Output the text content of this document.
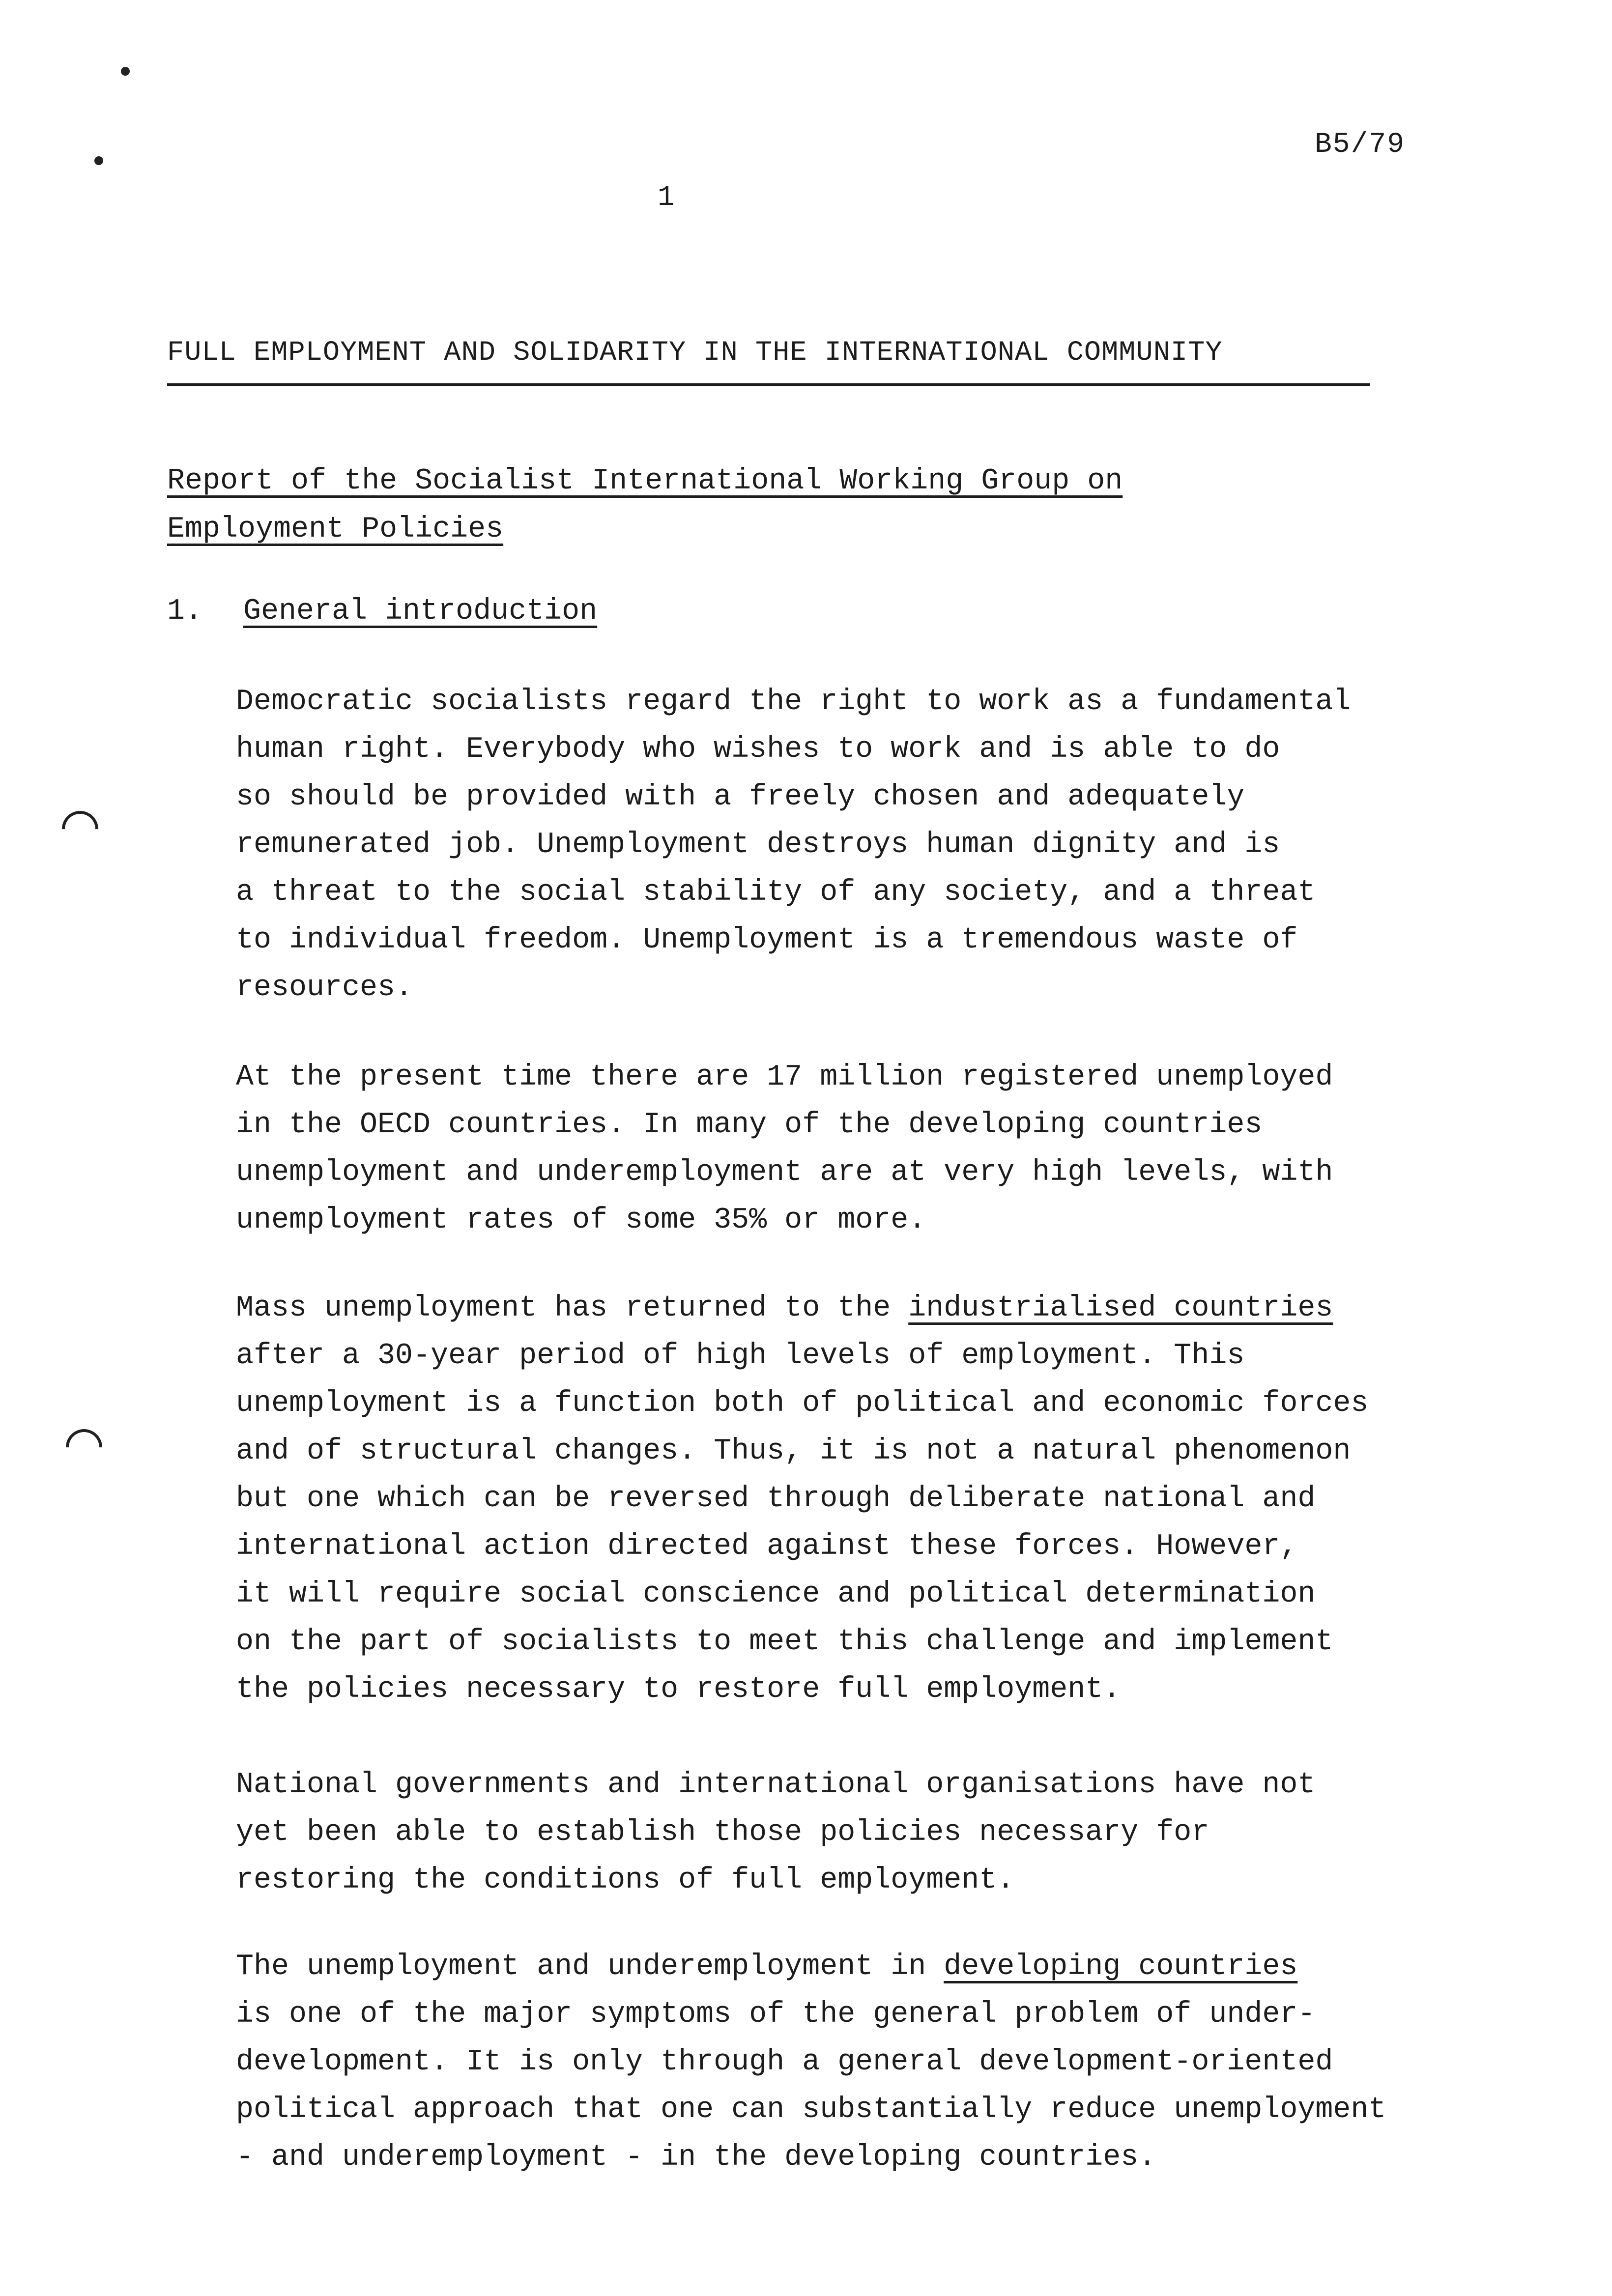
B5/79
1
FULL EMPLOYMENT AND SOLIDARITY IN THE INTERNATIONAL COMMUNITY
Report of the Socialist International Working Group on
Employment Policies
1. General introduction
Democratic socialists regard the right to work as a fundamental
human right. Everybody who wishes to work and is able to do
so should be provided with a freely chosen and adequately
remunerated job. Unemployment destroys human dignity and is
a threat to the social stability of any society, and a threat
to individual freedom. Unemployment is a tremendous waste of
resources.
At the present time there are 17 million registered unemployed
in the OECD countries. In many of the developing countries
unemployment and underemployment are at very high levels, with
unemployment rates of some 35% or more.
Mass unemployment has returned to the industrialised countries
after a 30-year period of high levels of employment. This
unemployment is a function both of political and economic forces
and of structural changes. Thus, it is not a natural phenomenon
but one which can be reversed through deliberate national and
international action directed against these forces. However,
it will require social conscience and political determination
on the part of socialists to meet this challenge and implement
the policies necessary to restore full employment.
National governments and international organisations have not
yet been able to establish those policies necessary for
restoring the conditions of full employment.
The unemployment and underemployment in developing countries
is one of the major symptoms of the general problem of under-
development. It is only through a general development-oriented
political approach that one can substantially reduce unemployment
- and underemployment - in the developing countries.
